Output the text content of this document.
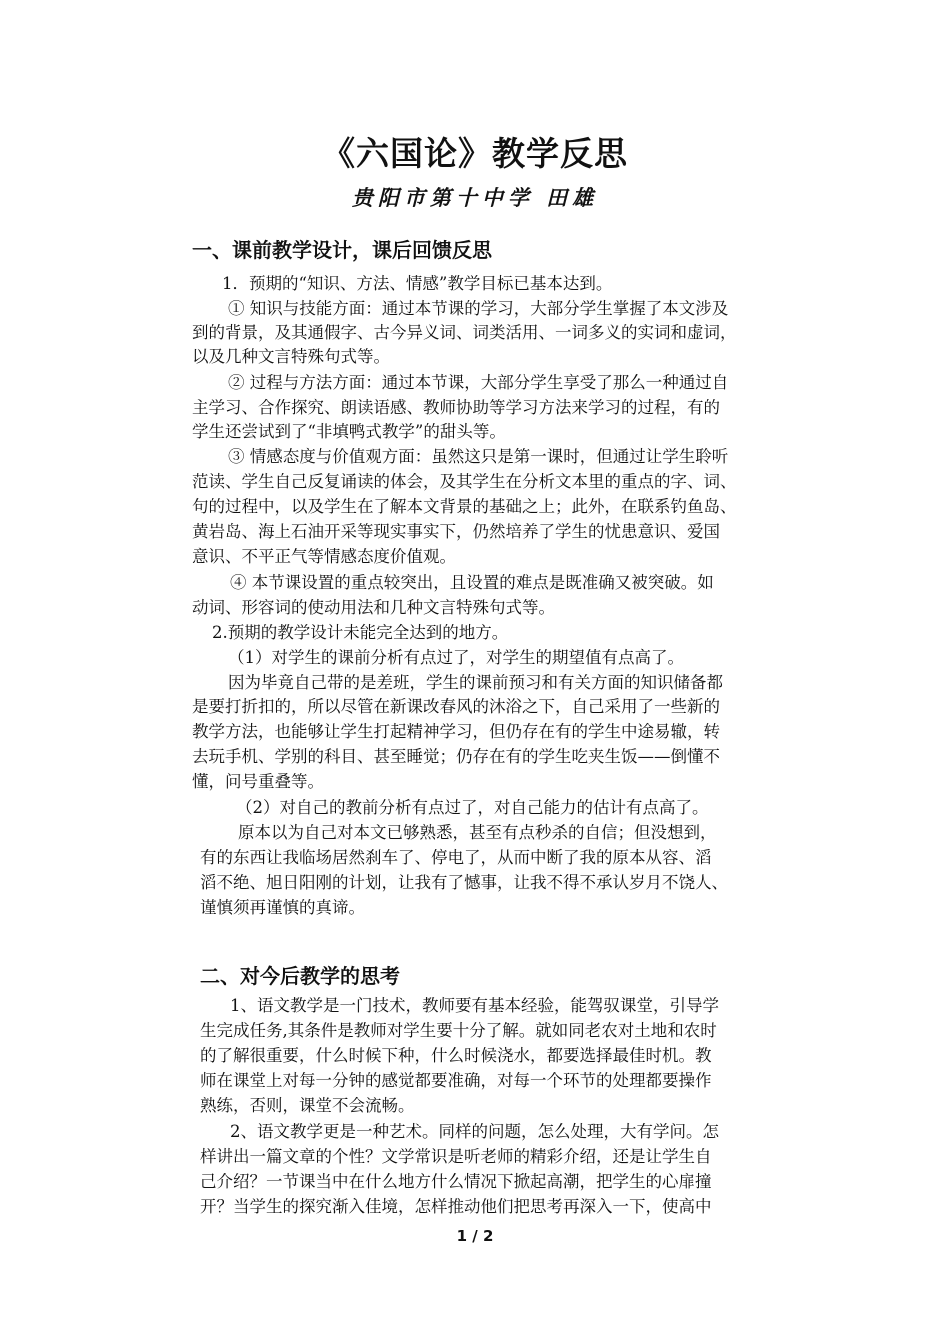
《六国论》教学反思
贵阳市第十中学 田雄
一、课前教学设计，课后回馈反思
1．预期的“知识、方法、情感”教学目标已基本达到。
① 知识与技能方面：通过本节课的学习，大部分学生掌握了本文涉及
到的背景，及其通假字、古今异义词、词类活用、一词多义的实词和虚词，
以及几种文言特殊句式等。
② 过程与方法方面：通过本节课，大部分学生享受了那么一种通过自
主学习、合作探究、朗读语感、教师协助等学习方法来学习的过程，有的
学生还尝试到了“非填鸭式教学”的甜头等。
③ 情感态度与价值观方面：虽然这只是第一课时，但通过让学生聆听
范读、学生自己反复诵读的体会，及其学生在分析文本里的重点的字、词、
句的过程中，以及学生在了解本文背景的基础之上；此外，在联系钓鱼岛、
黄岩岛、海上石油开采等现实事实下，仍然培养了学生的忧患意识、爱国
意识、不平正气等情感态度价值观。
④ 本节课设置的重点较突出，且设置的难点是既准确又被突破。如
动词、形容词的使动用法和几种文言特殊句式等。
2.预期的教学设计未能完全达到的地方。
（1）对学生的课前分析有点过了，对学生的期望值有点高了。
因为毕竟自己带的是差班，学生的课前预习和有关方面的知识储备都
是要打折扣的，所以尽管在新课改春风的沐浴之下，自己采用了一些新的
教学方法，也能够让学生打起精神学习，但仍存在有的学生中途易辙，转
去玩手机、学别的科目、甚至睡觉；仍存在有的学生吃夹生饭——倒懂不
懂，问号重叠等。
（2）对自己的教前分析有点过了，对自己能力的估计有点高了。
原本以为自己对本文已够熟悉，甚至有点秒杀的自信；但没想到，
有的东西让我临场居然刹车了、停电了，从而中断了我的原本从容、滔
滔不绝、旭日阳刚的计划，让我有了憾事，让我不得不承认岁月不饶人、
谨慎须再谨慎的真谛。
二、对今后教学的思考
1、语文教学是一门技术，教师要有基本经验，能驾驭课堂，引导学
生完成任务,其条件是教师对学生要十分了解。就如同老农对土地和农时
的了解很重要，什么时候下种，什么时候浇水，都要选择最佳时机。教
师在课堂上对每一分钟的感觉都要准确，对每一个环节的处理都要操作
熟练，否则，课堂不会流畅。
2、语文教学更是一种艺术。同样的问题，怎么处理，大有学问。怎
样讲出一篇文章的个性？文学常识是听老师的精彩介绍，还是让学生自
己介绍？一节课当中在什么地方什么情况下掀起高潮，把学生的心扉撞
开？当学生的探究渐入佳境，怎样推动他们把思考再深入一下，使高中
1 / 2
